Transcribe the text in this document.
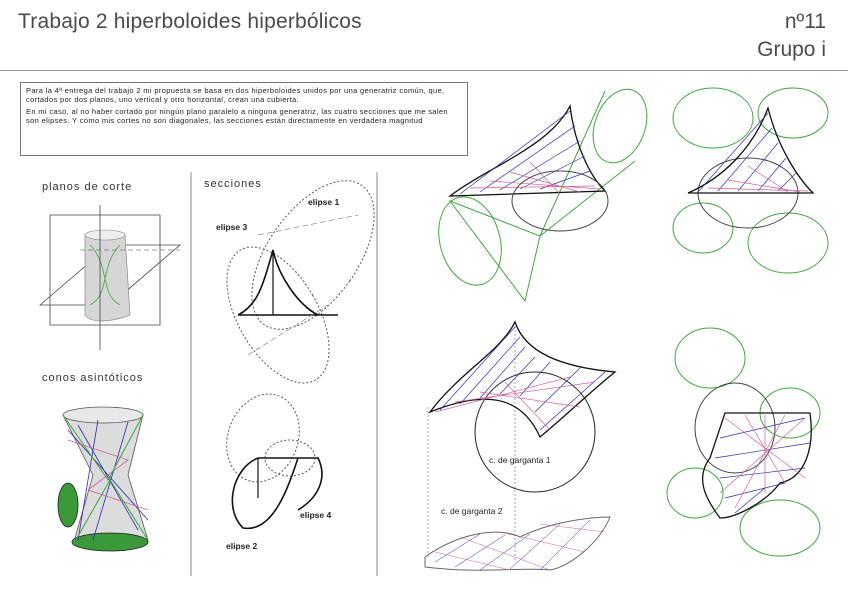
Trabajo 2 hiperboloides hiperbólicos	nº11
Grupo i

Para la 4ª entrega del trabajo 2 mi propuesta se basa en dos hiperboloides unidos por una generatriz común, que, cortados por dos planos, uno vertical y otro horizontal, crean una cubierta.

En mi caso, al no haber cortado por ningún plano paralelo a ninguna generatriz, las cuatro secciones que me salen son elipses. Y como mis cortes no son diagonales, las secciones están directamente en verdadera magnitud

planos de corte
conos asintóticos
secciones
elipse 1
elipse 3
elipse 4
elipse 2
c. de garganta 1
c. de garganta 2
